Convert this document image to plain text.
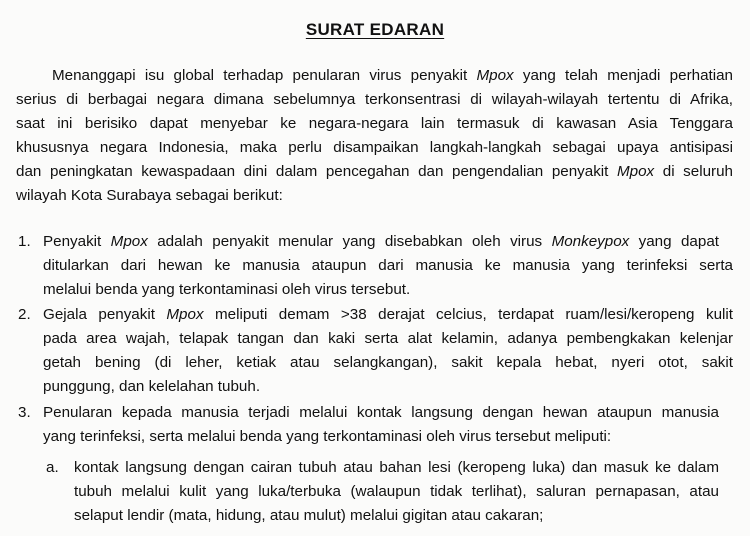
SURAT EDARAN
Menanggapi isu global terhadap penularan virus penyakit Mpox yang telah menjadi perhatian
serius di berbagai negara dimana sebelumnya terkonsentrasi di wilayah-wilayah tertentu di Afrika,
saat ini berisiko dapat menyebar ke negara-negara lain termasuk di kawasan Asia Tenggara
khususnya negara Indonesia, maka perlu disampaikan langkah-langkah sebagai upaya antisipasi
dan peningkatan kewaspadaan dini dalam pencegahan dan pengendalian penyakit Mpox di seluruh
wilayah Kota Surabaya sebagai berikut:
1. Penyakit Mpox adalah penyakit menular yang disebabkan oleh virus Monkeypox yang dapat
ditularkan dari hewan ke manusia ataupun dari manusia ke manusia yang terinfeksi serta
melalui benda yang terkontaminasi oleh virus tersebut.
2. Gejala penyakit Mpox meliputi demam >38 derajat celcius, terdapat ruam/lesi/keropeng kulit
pada area wajah, telapak tangan dan kaki serta alat kelamin, adanya pembengkakan kelenjar
getah bening (di leher, ketiak atau selangkangan), sakit kepala hebat, nyeri otot, sakit
punggung, dan kelelahan tubuh.
3. Penularan kepada manusia terjadi melalui kontak langsung dengan hewan ataupun manusia
yang terinfeksi, serta melalui benda yang terkontaminasi oleh virus tersebut meliputi:
a. kontak langsung dengan cairan tubuh atau bahan lesi (keropeng luka) dan masuk ke dalam
tubuh melalui kulit yang luka/terbuka (walaupun tidak terlihat), saluran pernapasan, atau
selaput lendir (mata, hidung, atau mulut) melalui gigitan atau cakaran;
